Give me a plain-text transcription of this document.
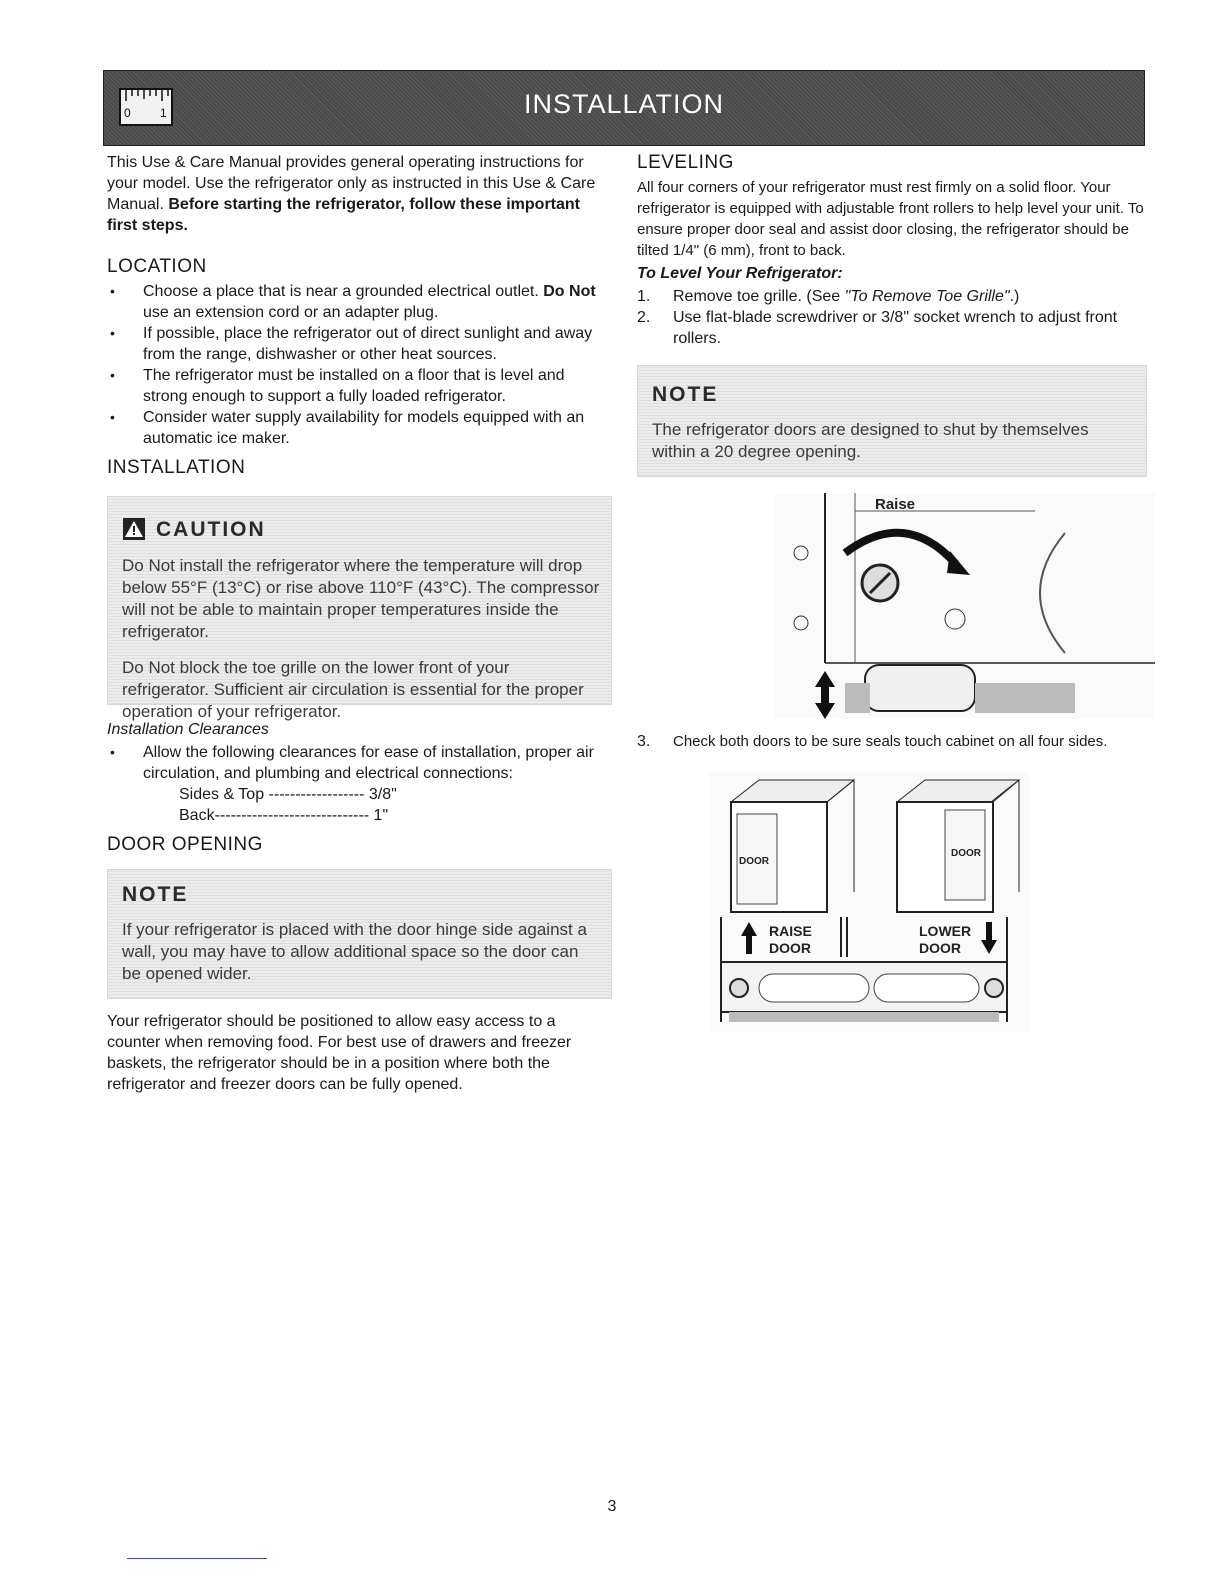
0 1	INSTALLATION

This Use & Care Manual provides general operating instructions for your model. Use the refrigerator only as instructed in this Use & Care Manual. Before starting the refrigerator, follow these important first steps.

LOCATION
• Choose a place that is near a grounded electrical outlet. Do Not use an extension cord or an adapter plug.
• If possible, place the refrigerator out of direct sunlight and away from the range, dishwasher or other heat sources.
• The refrigerator must be installed on a floor that is level and strong enough to support a fully loaded refrigerator.
• Consider water supply availability for models equipped with an automatic ice maker.
INSTALLATION
CAUTION

Do Not install the refrigerator where the temperature will drop below 55°F (13°C) or rise above 110°F (43°C). The compressor will not be able to maintain proper temperatures inside the refrigerator.

Do Not block the toe grille on the lower front of your refrigerator. Sufficient air circulation is essential for the proper operation of your refrigerator.

Installation Clearances

• Allow the following clearances for ease of installation, proper air circulation, and plumbing and electrical connections:
Sides & Top ------------------ 3/8"
Back----------------------------- 1"
DOOR OPENING
NOTE

If your refrigerator is placed with the door hinge side against a wall, you may have to allow additional space so the door can be opened wider.

Your refrigerator should be positioned to allow easy access to a counter when removing food. For best use of drawers and freezer baskets, the refrigerator should be in a position where both the refrigerator and freezer doors can be fully opened.

LEVELING

All four corners of your refrigerator must rest firmly on a solid floor. Your refrigerator is equipped with adjustable front rollers to help level your unit. To ensure proper door seal and assist door closing, the refrigerator should be tilted 1/4" (6 mm), front to back.

To Level Your Refrigerator:

1. Remove toe grille. (See "To Remove Toe Grille".)
2. Use flat-blade screwdriver or 3/8" socket wrench to adjust front rollers.
NOTE

The refrigerator doors are designed to shut by themselves within a 20 degree opening.

Raise
3. Check both doors to be sure seals touch cabinet on all four sides.
DOOR
DOOR
RAISE
DOOR
LOWER
DOOR
3
